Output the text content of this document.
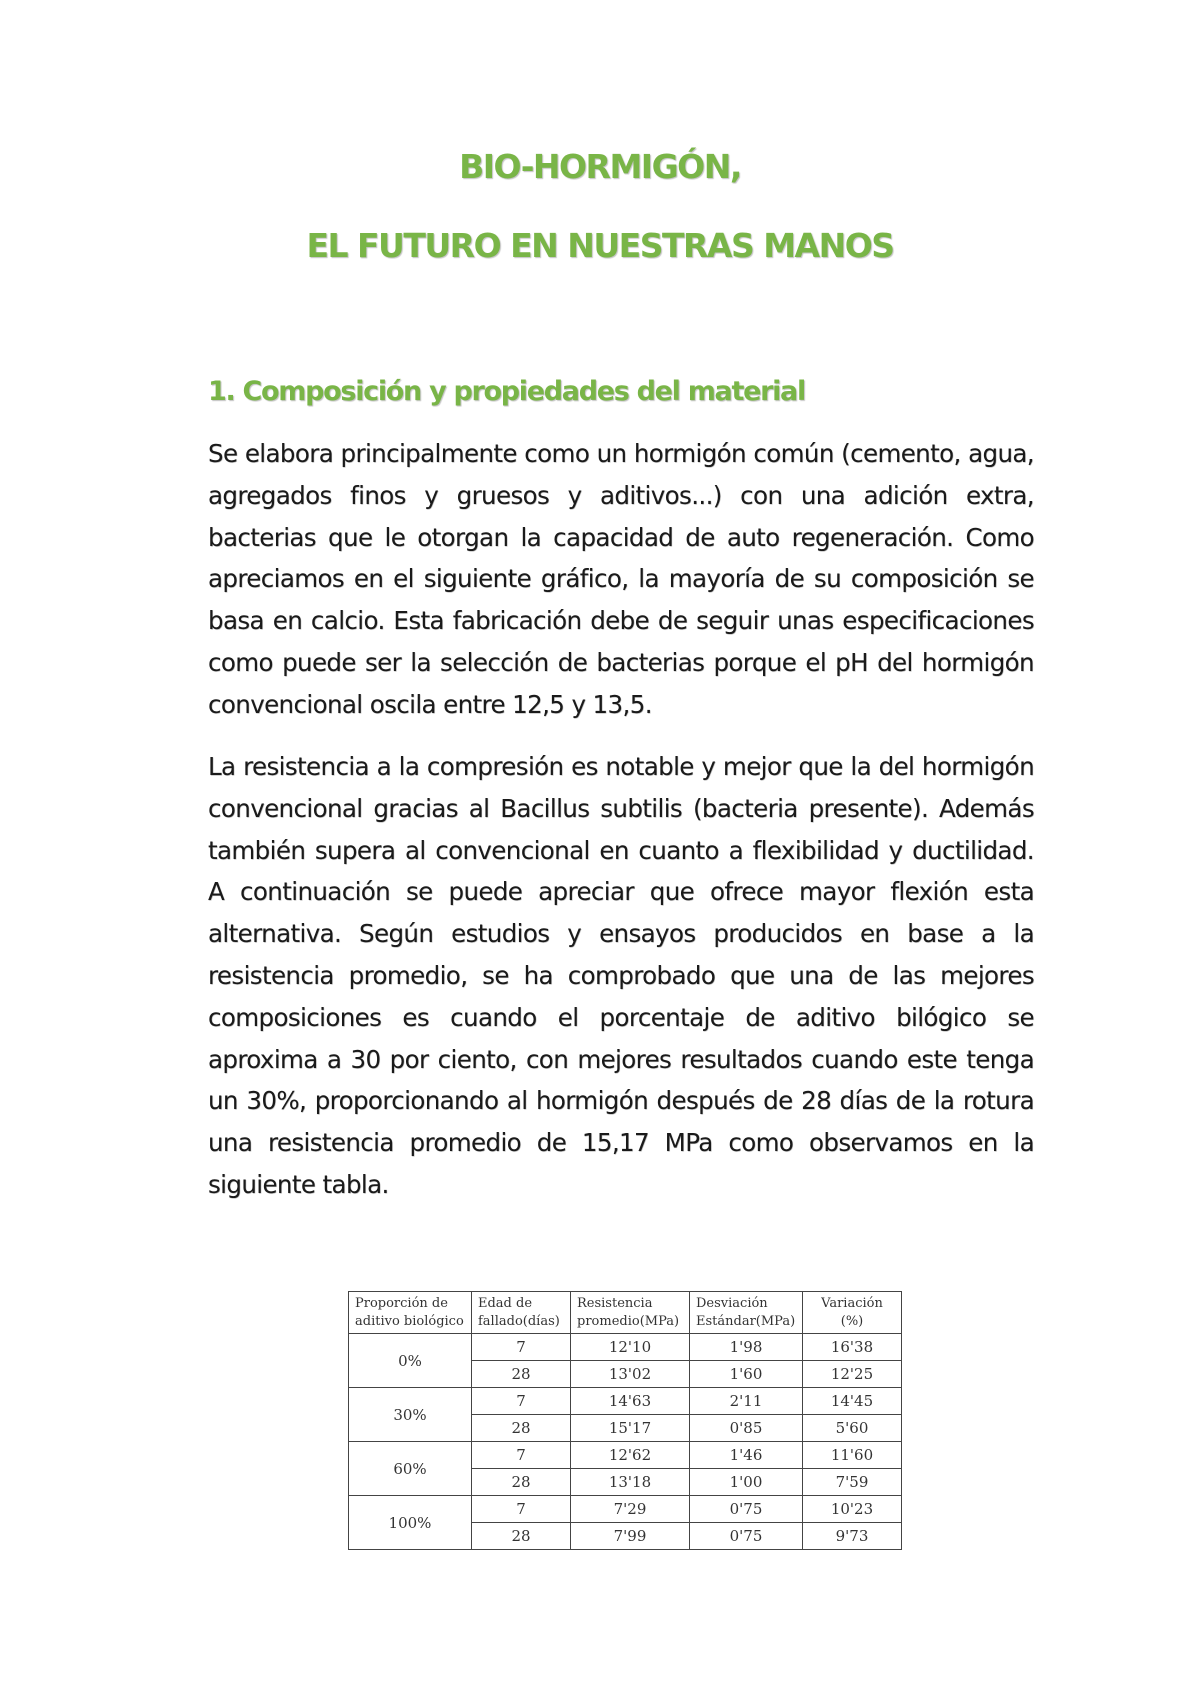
BIO-HORMIGÓN,
EL FUTURO EN NUESTRAS MANOS
1. Composición y propiedades del material

Se elabora principalmente como un hormigón común (cemento, agua, agregados finos y gruesos y aditivos...) con una adición extra, bacterias que le otorgan la capacidad de auto regeneración. Como apreciamos en el siguiente gráfico, la mayoría de su composición se basa en calcio. Esta fabricación debe de seguir unas especificaciones como puede ser la selección de bacterias porque el pH del hormigón convencional oscila entre 12,5 y 13,5.

La resistencia a la compresión es notable y mejor que la del hormigón convencional gracias al Bacillus subtilis (bacteria presente). Además también supera al convencional en cuanto a flexibilidad y ductilidad. A continuación se puede apreciar que ofrece mayor flexión esta alternativa. Según estudios y ensayos producidos en base a la resistencia promedio, se ha comprobado que una de las mejores composiciones es cuando el porcentaje de aditivo bilógico se aproxima a 30 por ciento, con mejores resultados cuando este tenga un 30%, proporcionando al hormigón después de 28 días de la rotura una resistencia promedio de 15,17 MPa como observamos en la siguiente tabla.

Proporción de aditivo biológico	Edad de fallado(días)	Resistencia promedio(MPa)	Desviación Estándar(MPa)	Variación (%)
0%	7	12'10	1'98	16'38
	28	13'02	1'60	12'25
30%	7	14'63	2'11	14'45
	28	15'17	0'85	5'60
60%	7	12'62	1'46	11'60
	28	13'18	1'00	7'59
100%	7	7'29	0'75	10'23
	28	7'99	0'75	9'73
